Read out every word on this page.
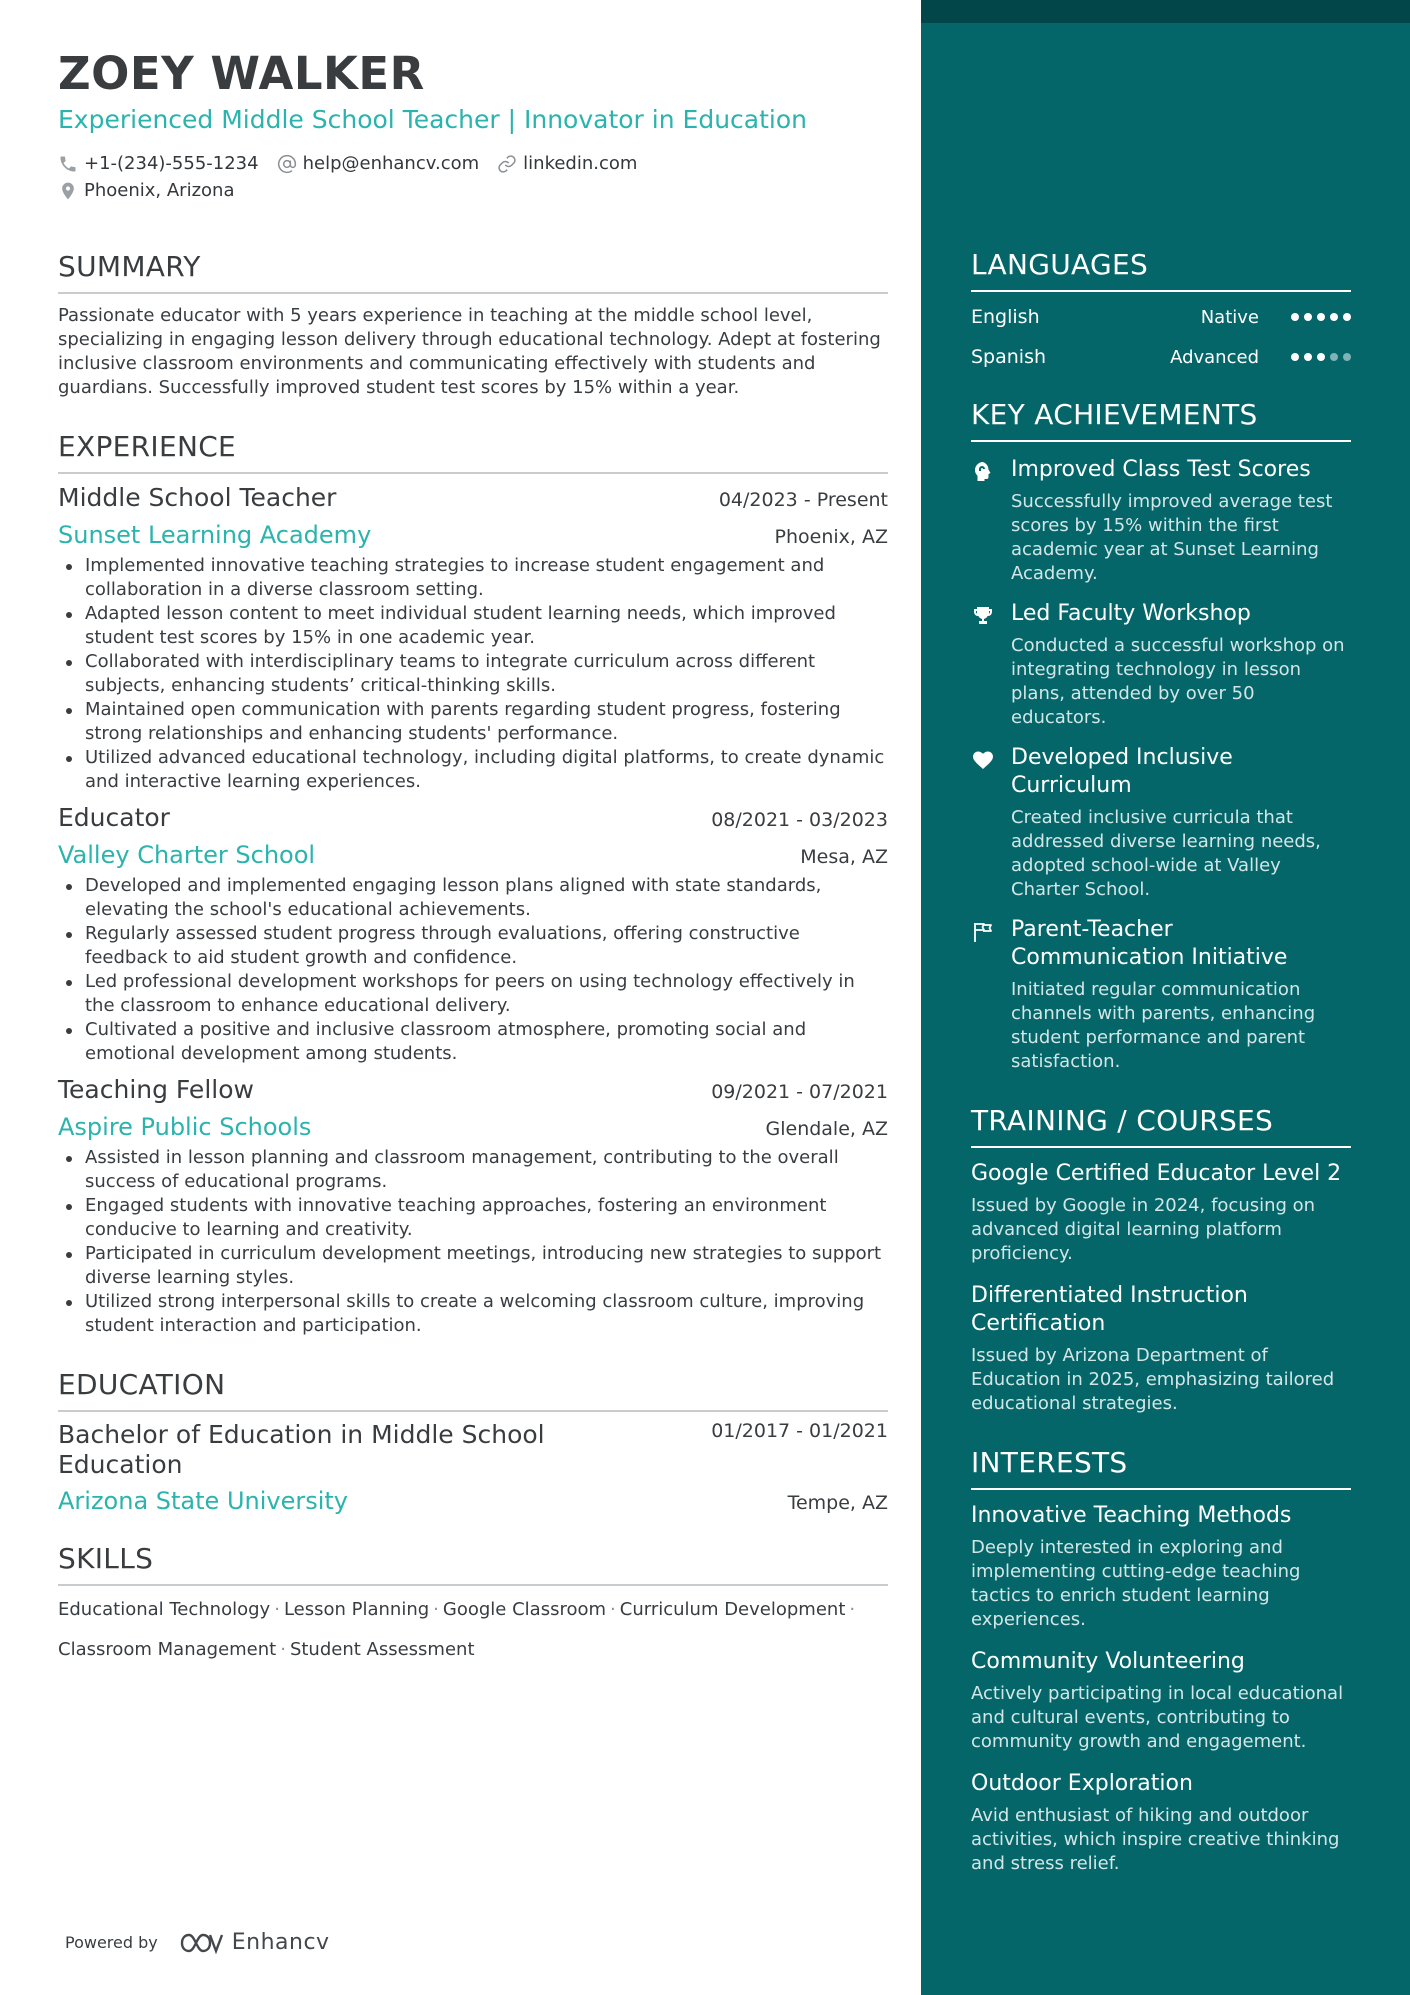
ZOEY WALKER
Experienced Middle School Teacher | Innovator in Education
+1-(234)-555-1234 help@enhancv.com linkedin.com
Phoenix, Arizona
SUMMARY
Passionate educator with 5 years experience in teaching at the middle school level, specializing in engaging lesson delivery through educational technology. Adept at fostering inclusive classroom environments and communicating effectively with students and guardians. Successfully improved student test scores by 15% within a year.
EXPERIENCE
Middle School Teacher	04/2023 - Present
Sunset Learning Academy	Phoenix, AZ
Implemented innovative teaching strategies to increase student engagement and collaboration in a diverse classroom setting.
Adapted lesson content to meet individual student learning needs, which improved student test scores by 15% in one academic year.
Collaborated with interdisciplinary teams to integrate curriculum across different subjects, enhancing students’ critical-thinking skills.
Maintained open communication with parents regarding student progress, fostering strong relationships and enhancing students' performance.
Utilized advanced educational technology, including digital platforms, to create dynamic and interactive learning experiences.
Educator	08/2021 - 03/2023
Valley Charter School	Mesa, AZ
Developed and implemented engaging lesson plans aligned with state standards, elevating the school's educational achievements.
Regularly assessed student progress through evaluations, offering constructive feedback to aid student growth and confidence.
Led professional development workshops for peers on using technology effectively in the classroom to enhance educational delivery.
Cultivated a positive and inclusive classroom atmosphere, promoting social and emotional development among students.
Teaching Fellow	09/2021 - 07/2021
Aspire Public Schools	Glendale, AZ
Assisted in lesson planning and classroom management, contributing to the overall success of educational programs.
Engaged students with innovative teaching approaches, fostering an environment conducive to learning and creativity.
Participated in curriculum development meetings, introducing new strategies to support diverse learning styles.
Utilized strong interpersonal skills to create a welcoming classroom culture, improving student interaction and participation.
EDUCATION
Bachelor of Education in Middle School Education
01/2017 - 01/2021
Arizona State University	Tempe, AZ
SKILLS
Educational Technology · Lesson Planning · Google Classroom · Curriculum Development ·
Classroom Management · Student Assessment
Powered by	Enhancv
LANGUAGES
English	Native
Spanish	Advanced
KEY ACHIEVEMENTS
Improved Class Test Scores
Successfully improved average test scores by 15% within the first academic year at Sunset Learning Academy.
Led Faculty Workshop
Conducted a successful workshop on integrating technology in lesson plans, attended by over 50 educators.
Developed Inclusive Curriculum
Created inclusive curricula that addressed diverse learning needs, adopted school-wide at Valley Charter School.
Parent-Teacher Communication Initiative
Initiated regular communication channels with parents, enhancing student performance and parent satisfaction.
TRAINING / COURSES
Google Certified Educator Level 2
Issued by Google in 2024, focusing on advanced digital learning platform proficiency.
Differentiated Instruction Certification
Issued by Arizona Department of Education in 2025, emphasizing tailored educational strategies.
INTERESTS
Innovative Teaching Methods
Deeply interested in exploring and implementing cutting-edge teaching tactics to enrich student learning experiences.
Community Volunteering
Actively participating in local educational and cultural events, contributing to community growth and engagement.
Outdoor Exploration
Avid enthusiast of hiking and outdoor activities, which inspire creative thinking and stress relief.
